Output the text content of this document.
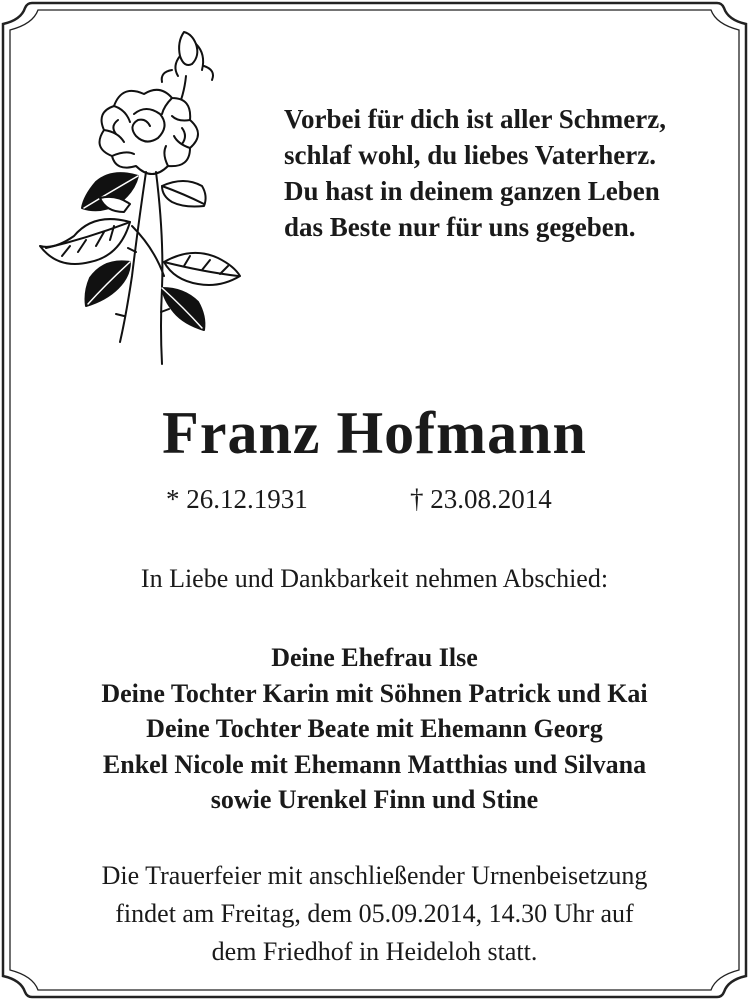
Vorbei für dich ist aller Schmerz,
schlaf wohl, du liebes Vaterherz.
Du hast in deinem ganzen Leben
das Beste nur für uns gegeben.
Franz Hofmann
* 26.12.1931	† 23.08.2014
In Liebe und Dankbarkeit nehmen Abschied:
Deine Ehefrau Ilse
Deine Tochter Karin mit Söhnen Patrick und Kai
Deine Tochter Beate mit Ehemann Georg
Enkel Nicole mit Ehemann Matthias und Silvana
sowie Urenkel Finn und Stine
Die Trauerfeier mit anschließender Urnenbeisetzung
findet am Freitag, dem 05.09.2014, 14.30 Uhr auf
dem Friedhof in Heideloh statt.
